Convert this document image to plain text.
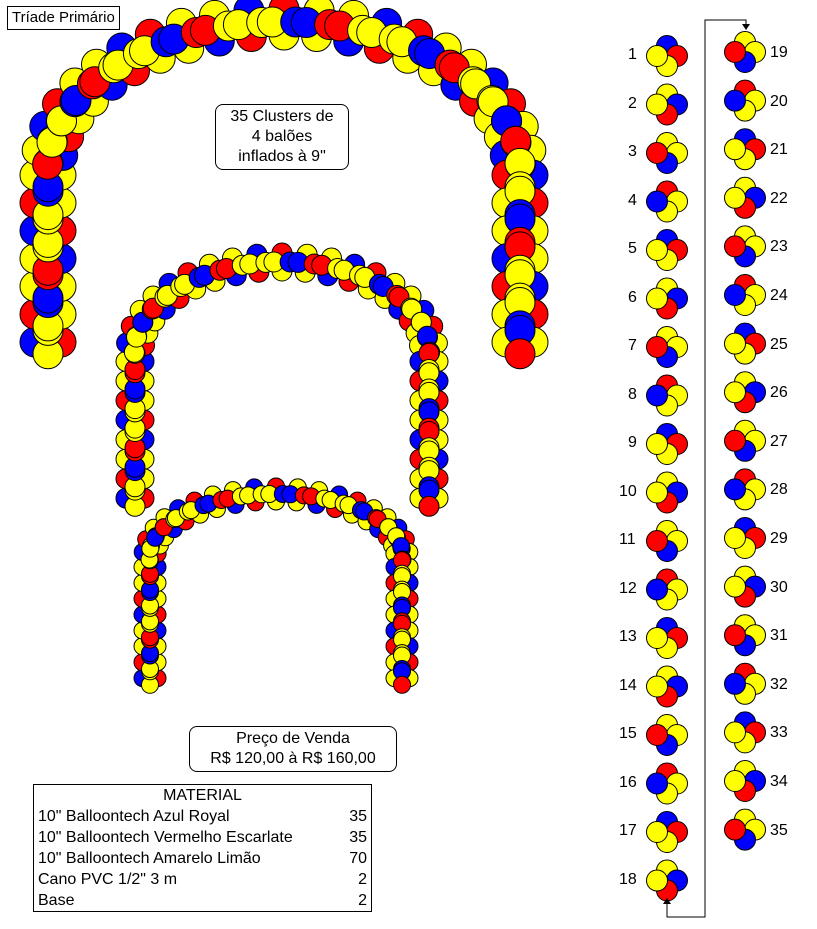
Tríade Primário
35 Clusters de
4 balões
inflados à 9"
Preço de Venda
R$ 120,00 à R$ 160,00
MATERIAL
10" Balloontech Azul Royal	35
10" Balloontech Vermelho Escarlate	35
10" Balloontech Amarelo Limão	70
Cano PVC 1/2" 3 m	2
Base	2
1
2
3
4
5
6
7
8
9
10
11
12
13
14
15
16
17
18
19
20
21
22
23
24
25
26
27
28
29
30
31
32
33
34
35
